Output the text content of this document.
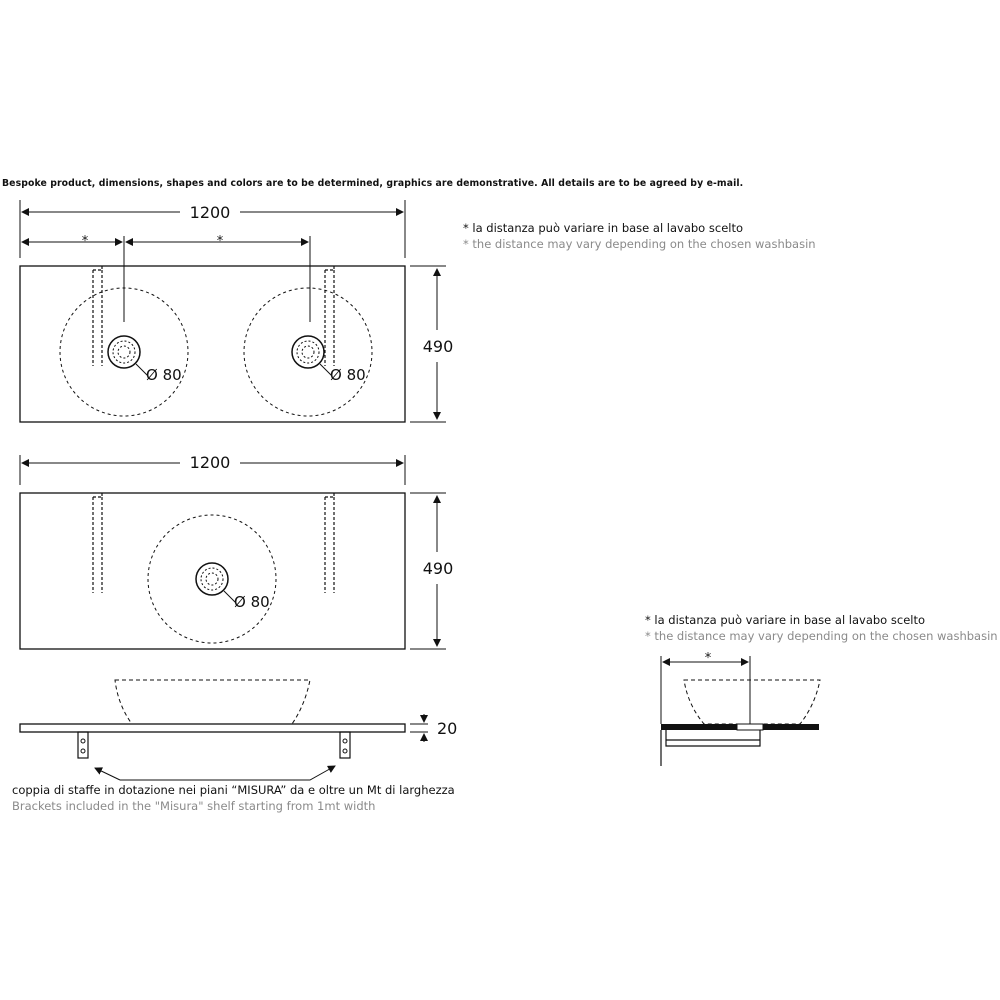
Bespoke product, dimensions, shapes and colors are to be determined, graphics are demonstrative. All details are to be agreed by e-mail.
* la distanza può variare in base al lavabo scelto
* the distance may vary depending on the chosen washbasin
* la distanza può variare in base al lavabo scelto
* the distance may vary depending on the chosen washbasin
1200
*	*
Ø 80	Ø 80
490
1200
Ø 80
490
20
*
coppia di staffe in dotazione nei piani “MISURA” da e oltre un Mt di larghezza
Brackets included in the "Misura" shelf starting from 1mt width
